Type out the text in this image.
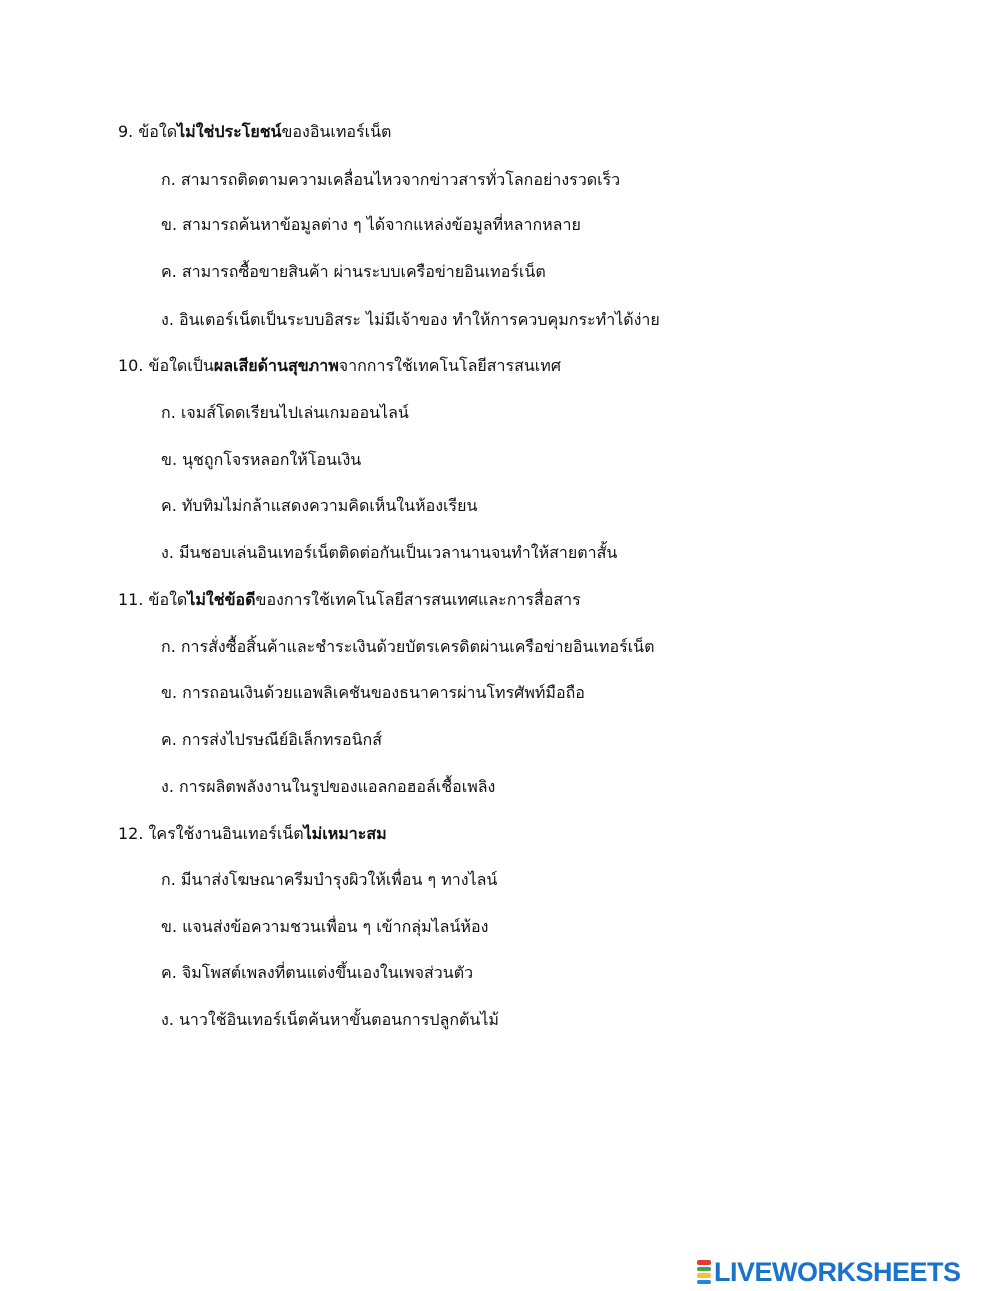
9. ข้อใดไม่ใช่ประโยชน์ของอินเทอร์เน็ต
ก. สามารถติดตามความเคลื่อนไหวจากข่าวสารทั่วโลกอย่างรวดเร็ว
ข. สามารถค้นหาข้อมูลต่าง ๆ ได้จากแหล่งข้อมูลที่หลากหลาย
ค. สามารถซื้อขายสินค้า ผ่านระบบเครือข่ายอินเทอร์เน็ต
ง. อินเตอร์เน็ตเป็นระบบอิสระ ไม่มีเจ้าของ ทำให้การควบคุมกระทำได้ง่าย
10. ข้อใดเป็นผลเสียด้านสุขภาพจากการใช้เทคโนโลยีสารสนเทศ
ก. เจมส์โดดเรียนไปเล่นเกมออนไลน์
ข. นุชถูกโจรหลอกให้โอนเงิน
ค. ทับทิมไม่กล้าแสดงความคิดเห็นในห้องเรียน
ง. มีนชอบเล่นอินเทอร์เน็ตติดต่อกันเป็นเวลานานจนทำให้สายตาสั้น
11. ข้อใดไม่ใช่ข้อดีของการใช้เทคโนโลยีสารสนเทศและการสื่อสาร
ก. การสั่งซื้อสิ้นค้าและชำระเงินด้วยบัตรเครดิตผ่านเครือข่ายอินเทอร์เน็ต
ข. การถอนเงินด้วยแอพลิเคชันของธนาคารผ่านโทรศัพท์มือถือ
ค. การส่งไปรษณีย์อิเล็กทรอนิกส์
ง. การผลิตพลังงานในรูปของแอลกอฮอล์เชื้อเพลิง
12. ใครใช้งานอินเทอร์เน็ตไม่เหมาะสม
ก. มีนาส่งโฆษณาครีมบำรุงผิวให้เพื่อน ๆ ทางไลน์
ข. แจนส่งข้อความชวนเพื่อน ๆ เข้ากลุ่มไลน์ห้อง
ค. จิมโพสต์เพลงที่ตนแต่งขึ้นเองในเพจส่วนตัว
ง. นาวใช้อินเทอร์เน็ตค้นหาขั้นตอนการปลูกต้นไม้
LIVEWORKSHEETS
